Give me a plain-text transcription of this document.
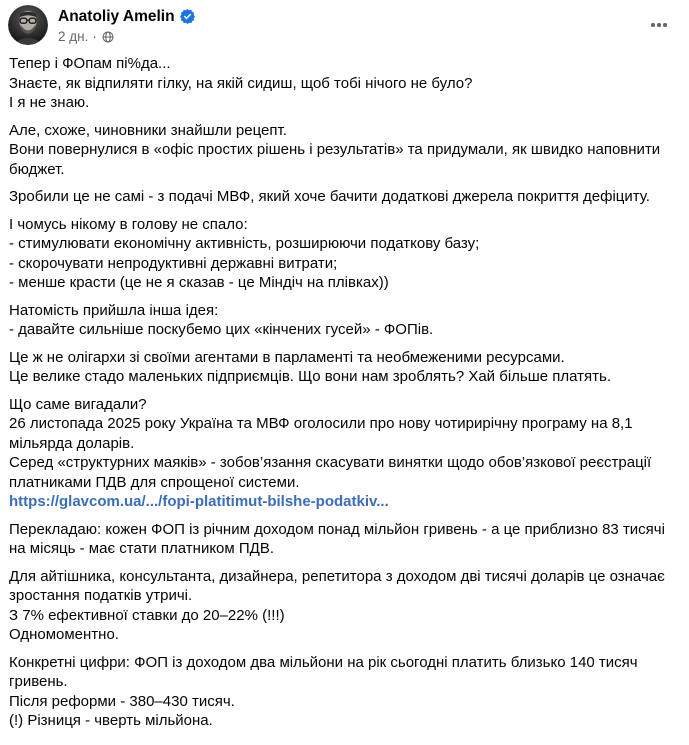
Anatoliy Amelin
2 дн. ·
Тепер і ФОпам пі%да...
Знаєте, як відпиляти гілку, на якій сидиш, щоб тобі нічого не було?
І я не знаю.
Але, схоже, чиновники знайшли рецепт.
Вони повернулися в «офіс простих рішень і результатів» та придумали, як швидко наповнити бюджет.
Зробили це не самі - з подачі МВФ, який хоче бачити додаткові джерела покриття дефіциту.
І чомусь нікому в голову не спало:
- стимулювати економічну активність, розширюючи податкову базу;
- скорочувати непродуктивні державні витрати;
- менше красти (це не я сказав - це Міндіч на плівках))
Натомість прийшла інша ідея:
- давайте сильніше поскубемо цих «кінчених гусей» - ФОПів.
Це ж не олігархи зі своїми агентами в парламенті та необмеженими ресурсами.
Це велике стадо маленьких підприємців. Що вони нам зроблять? Хай більше платять.
Що саме вигадали?
26 листопада 2025 року Україна та МВФ оголосили про нову чотирирічну програму на 8,1 мільярда доларів.
Серед «структурних маяків» - зобов’язання скасувати винятки щодо обов’язкової реєстрації платниками ПДВ для спрощеної системи.
https://glavcom.ua/.../fopi-platitimut-bilshe-podatkiv...
Перекладаю: кожен ФОП із річним доходом понад мільйон гривень - а це приблизно 83 тисячі на місяць - має стати платником ПДВ.
Для айтішника, консультанта, дизайнера, репетитора з доходом дві тисячі доларів це означає зростання податків утричі.
З 7% ефективної ставки до 20–22% (!!!)
Одномоментно.
Конкретні цифри: ФОП із доходом два мільйони на рік сьогодні платить близько 140 тисяч гривень.
Після реформи - 380–430 тисяч.
(!) Різниця - чверть мільйона.
